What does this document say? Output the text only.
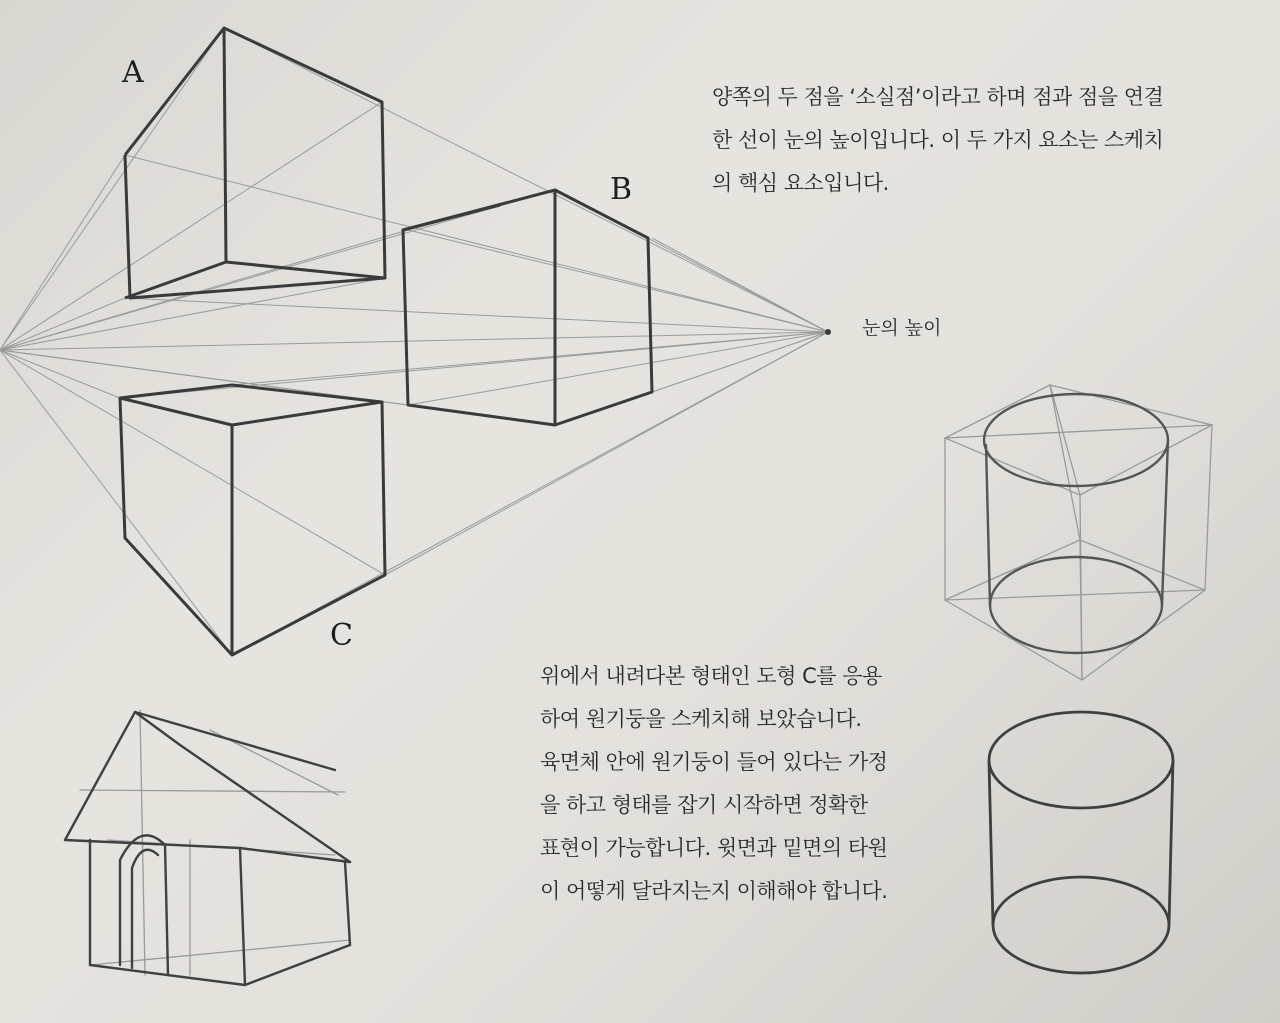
A
B
C
눈의 높이

양쪽의 두 점을 ‘소실점’이라고 하며 점과 점을 연결

한 선이 눈의 높이입니다. 이 두 가지 요소는 스케치

의 핵심 요소입니다.

위에서 내려다본 형태인 도형 C를 응용

하여 원기둥을 스케치해 보았습니다.

육면체 안에 원기둥이 들어 있다는 가정

을 하고 형태를 잡기 시작하면 정확한

표현이 가능합니다. 윗면과 밑면의 타원

이 어떻게 달라지는지 이해해야 합니다.
